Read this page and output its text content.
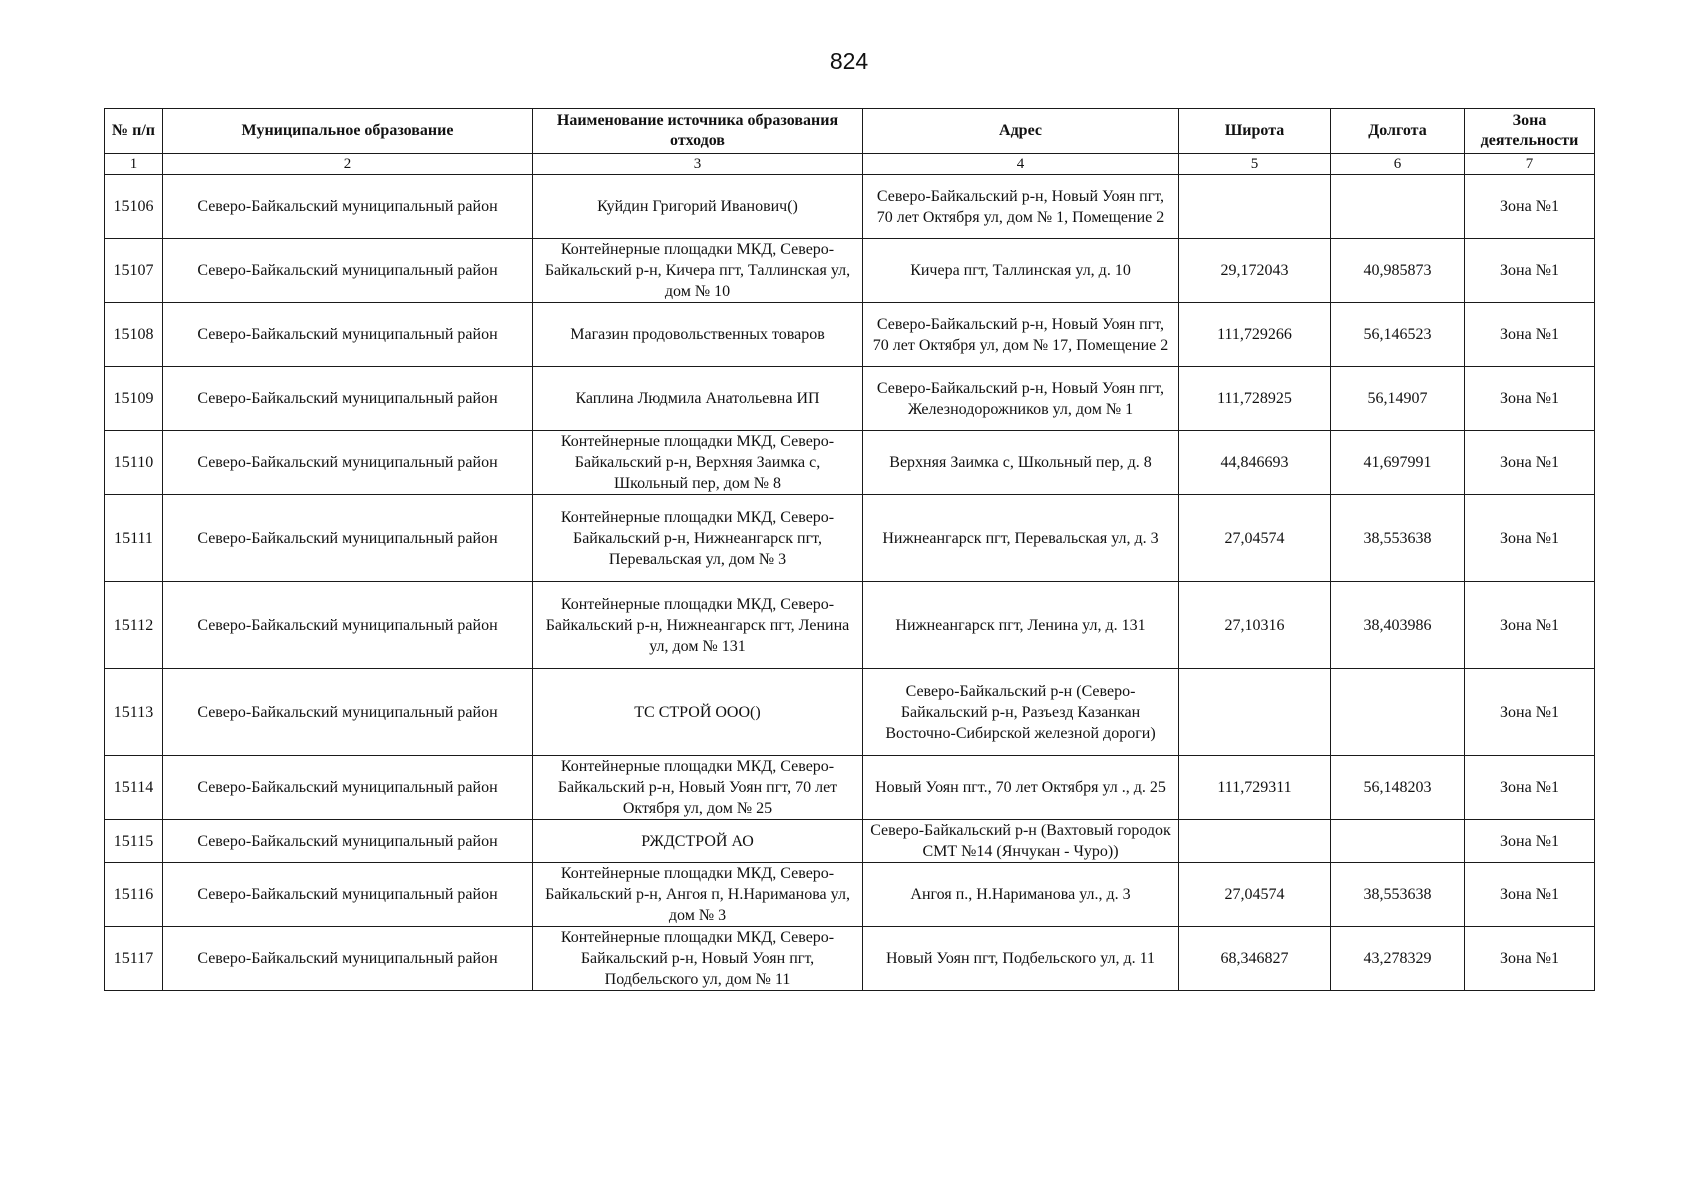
824
№ п/п	Муниципальное образование	Наименование источника образования отходов	Адрес	Широта	Долгота	Зона деятельности
1	2	3	4	5	6	7
15106	Северо-Байкальский муниципальный район	Куйдин Григорий Иванович()	Северо-Байкальский р-н, Новый Уоян пгт, 70 лет Октября ул, дом № 1, Помещение 2			Зона №1
15107	Северо-Байкальский муниципальный район	Контейнерные площадки МКД, Северо-Байкальский р-н, Кичера пгт, Таллинская ул, дом № 10	Кичера пгт, Таллинская ул, д. 10	29,172043	40,985873	Зона №1
15108	Северо-Байкальский муниципальный район	Магазин продовольственных товаров	Северо-Байкальский р-н, Новый Уоян пгт, 70 лет Октября ул, дом № 17, Помещение 2	111,729266	56,146523	Зона №1
15109	Северо-Байкальский муниципальный район	Каплина Людмила Анатольевна ИП	Северо-Байкальский р-н, Новый Уоян пгт, Железнодорожников ул, дом № 1	111,728925	56,14907	Зона №1
15110	Северо-Байкальский муниципальный район	Контейнерные площадки МКД, Северо-Байкальский р-н, Верхняя Заимка с, Школьный пер, дом № 8	Верхняя Заимка с, Школьный пер, д. 8	44,846693	41,697991	Зона №1
15111	Северо-Байкальский муниципальный район	Контейнерные площадки МКД, Северо-Байкальский р-н, Нижнеангарск пгт, Перевальская ул, дом № 3	Нижнеангарск пгт, Перевальская ул, д. 3	27,04574	38,553638	Зона №1
15112	Северо-Байкальский муниципальный район	Контейнерные площадки МКД, Северо-Байкальский р-н, Нижнеангарск пгт, Ленина ул, дом № 131	Нижнеангарск пгт, Ленина ул, д. 131	27,10316	38,403986	Зона №1
15113	Северо-Байкальский муниципальный район	ТС СТРОЙ ООО()	Северо-Байкальский р-н (Северо-Байкальский р-н, Разъезд Казанкан Восточно-Сибирской железной дороги)			Зона №1
15114	Северо-Байкальский муниципальный район	Контейнерные площадки МКД, Северо-Байкальский р-н, Новый Уоян пгт, 70 лет Октября ул, дом № 25	Новый Уоян пгт., 70 лет Октября ул ., д. 25	111,729311	56,148203	Зона №1
15115	Северо-Байкальский муниципальный район	РЖДСТРОЙ АО	Северо-Байкальский р-н (Вахтовый городок СМТ №14 (Янчукан - Чуро))			Зона №1
15116	Северо-Байкальский муниципальный район	Контейнерные площадки МКД, Северо-Байкальский р-н, Ангоя п, Н.Нариманова ул, дом № 3	Ангоя п., Н.Нариманова ул., д. 3	27,04574	38,553638	Зона №1
15117	Северо-Байкальский муниципальный район	Контейнерные площадки МКД, Северо-Байкальский р-н, Новый Уоян пгт, Подбельского ул, дом № 11	Новый Уоян пгт, Подбельского ул, д. 11	68,346827	43,278329	Зона №1
